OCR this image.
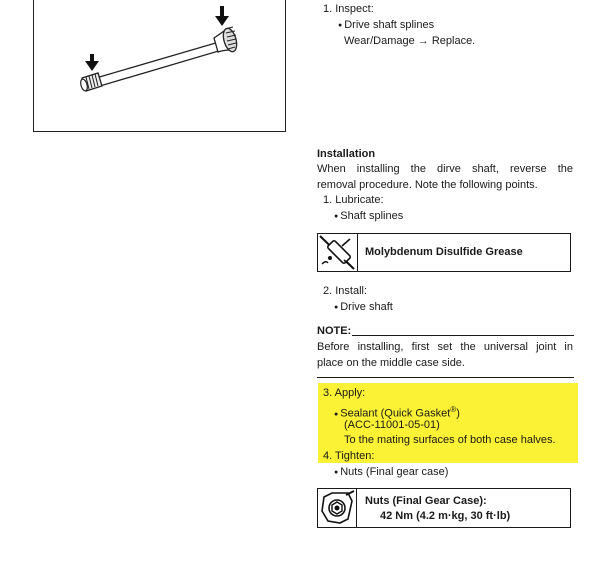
1. Inspect:
● Drive shaft splines
Wear/Damage → Replace.
Installation
When installing the dirve shaft, reverse the
removal procedure. Note the following points.
1. Lubricate:
● Shaft splines
Molybdenum Disulfide Grease
2. Install:
● Drive shaft
NOTE:
Before installing, first set the universal joint in
place on the middle case side.
3. Apply:
● Sealant (Quick Gasket®)
(ACC-11001-05-01)
To the mating surfaces of both case halves.
4. Tighten:
● Nuts (Final gear case)
Nuts (Final Gear Case):
42 Nm (4.2 m·kg, 30 ft·lb)
